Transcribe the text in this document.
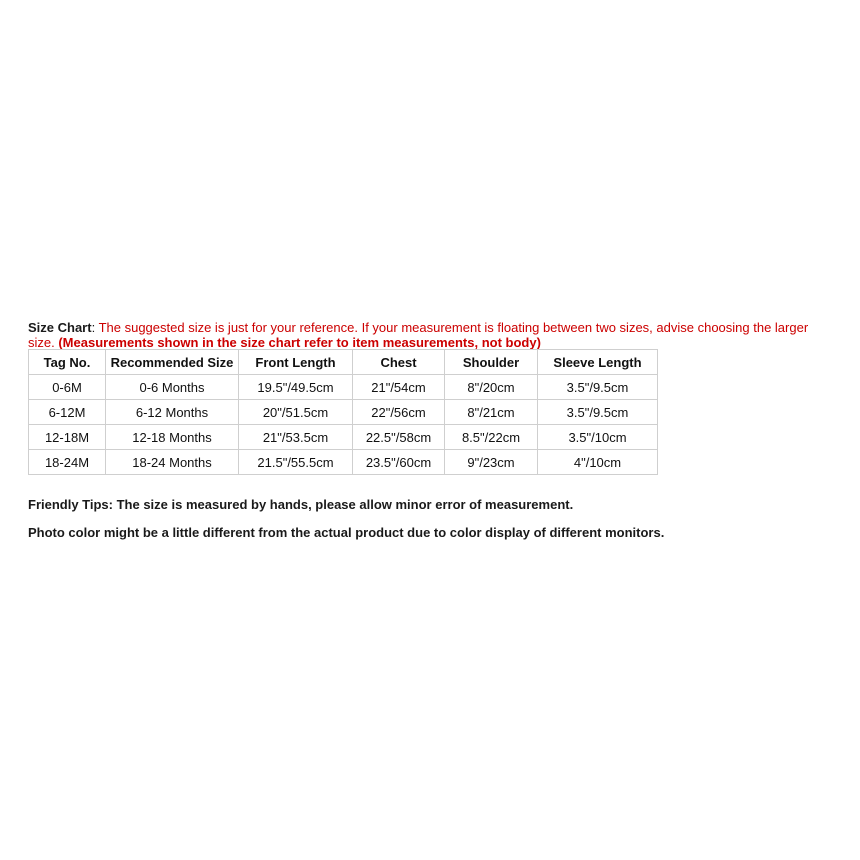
Size Chart: The suggested size is just for your reference. If your measurement is floating between two sizes, advise choosing the larger size. (Measurements shown in the size chart refer to item measurements, not body)
Tag No.	Recommended Size	Front Length	Chest	Shoulder	Sleeve Length
0-6M	0-6 Months	19.5"/49.5cm	21"/54cm	8"/20cm	3.5"/9.5cm
6-12M	6-12 Months	20"/51.5cm	22"/56cm	8"/21cm	3.5"/9.5cm
12-18M	12-18 Months	21"/53.5cm	22.5"/58cm	8.5"/22cm	3.5"/10cm
18-24M	18-24 Months	21.5"/55.5cm	23.5"/60cm	9"/23cm	4"/10cm
Friendly Tips: The size is measured by hands, please allow minor error of measurement.
Photo color might be a little different from the actual product due to color display of different monitors.
